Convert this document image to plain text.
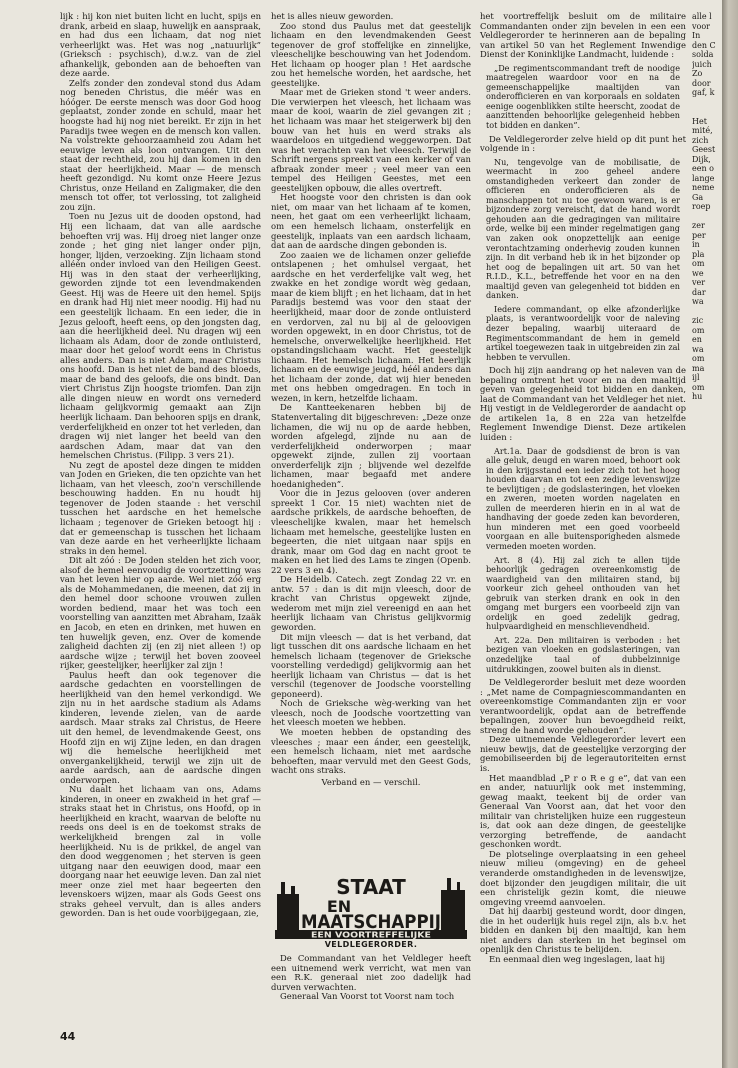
lijk : hij kon niet buiten licht en lucht, spijs en drank, arbeid en slaap, huwelijk en aanspraak, en had dus een lichaam, dat nog niet verheerlijkt was. Het was nog „natuurlijk” (Grieksch : psychisch), d.w.z. van de ziel afhankelijk, gebonden aan de behoeften van deze aarde.

Zelfs zonder den zondeval stond dus Adam nog beneden Christus, die méér was en hóóger. De eerste mensch was door God hoog geplaatst, zonder zonde en schuld, maar het hoogste had hij nog niet bereikt. Er zijn in het Paradijs twee wegen en de mensch kon vallen. Na volstrekte gehoorzaamheid zou Adam het eeuwige leven als loon ontvangen. Uit den staat der rechtheid, zou hij dan komen in den staat der heerlijkheid. Maar — de mensch heeft gezondigd. Nu komt onze Heere Jezus Christus, onze Heiland en Zaligmaker, die den mensch tot offer, tot verlossing, tot zaligheid zou zijn.

Toen nu Jezus uit de dooden opstond, had Hij een lichaam, dat van alle aardsche behoeften vrij was. Hij droeg niet langer onze zonde ; het ging niet langer onder pijn, honger, lijden, verzoeking. Zijn lichaam stond alléén onder invloed van den Heiligen Geest. Hij was in den staat der verheerlijking, geworden zijnde tot een levendmakenden Geest. Hij was de Heere uit den hemel. Spijs en drank had Hij niet meer noodig. Hij had nu een geestelijk lichaam. En een ieder, die in Jezus gelooft, heeft eens, op den jongsten dag, aan die heerlijkheid deel. Nu dragen wij een lichaam als Adam, door de zonde ontluisterd, maar door het geloof wordt eens in Christus alles anders. Dan is niet Adam, maar Christus ons hoofd. Dan is het niet de band des bloeds, maar de band des geloofs, die ons bindt. Dan viert Christus Zijn hoogste triomfen. Dan zijn alle dingen nieuw en wordt ons vernederd lichaam gelijkvormig gemaakt aan Zijn heerlijk lichaam. Dan behooren spijs en drank, verderfelijkheid en onzer tot het verleden, dan dragen wij niet langer het beeld van den aardschen Adam, maar dat van den hemelschen Christus. (Filipp. 3 vers 21).

Nu zegt de apostel deze dingen te midden van Joden en Grieken, die ten opzichte van het lichaam, van het vleesch, zoo'n verschillende beschouwing hadden. En nu houdt hij tegenover de Joden staande : het verschil tusschen het aardsche en het hemelsche lichaam ; tegenover de Grieken betoogt hij : dat er gemeenschap is tusschen het lichaam van deze aarde en het verheerlijkte lichaam straks in den hemel.

Dit alt zóó : De Joden stelden het zich voor, alsof de hemel eenvoudig de voortzetting was van het leven hier op aarde. Wel niet zóó erg als de Mohammedanen, die meenen, dat zij in den hemel door schoone vrouwen zullen worden bediend, maar het was toch een voorstelling van aanzitten met Abraham, Izaäk en Jacob, en eten en drinken, met huwen en ten huwelijk geven, enz. Over de komende zaligheid dachten zij (en zij niet alleen !) op aardsche wijze ; terwijl het boven zooveel rijker, geestelijker, heerlijker zal zijn !

Paulus heeft dan ook tegenover die aardsche gedachten en voorstellingen de heerlijkheid van den hemel verkondigd. We zijn nu in het aardsche stadium als Adams kinderen, levende zielen, van de aarde aardsch. Maar straks zal Christus, de Heere uit den hemel, de levendmakende Geest, ons Hoofd zijn en wij Zijne leden, en dan dragen wij die hemelsche heerlijkheid met onvergankelijkheid, terwijl we zijn uit de aarde aardsch, aan de aardsche dingen onderworpen.

Nu daalt het lichaam van ons, Adams kinderen, in oneer en zwakheid in het graf — straks staat het in Christus, ons Hoofd, op in heerlijkheid en kracht, waarvan de belofte nu reeds ons deel is en de toekomst straks de werkelijkheid brengen zal in volle heerlijkheid. Nu is de prikkel, de angel van den dood weggenomen ; het sterven is geen uitgang naar den eeuwigen dood, maar een doorgang naar het eeuwige leven. Dan zal niet meer onze ziel met haar begeerten den levenskoers wijzen, maar als Gods Geest ons straks geheel vervult, dan is alles anders geworden. Dan is het oude voorbijgegaan, zie,

het is alles nieuw geworden.

Zoo stond dus Paulus met dat geestelijk lichaam en den levendmakenden Geest tegenover de grof stoffelijke en zinnelijke, vleeschelijke beschouwing van het Jodendom. Het lichaam op hooger plan ! Het aardsche zou het hemelsche worden, het aardsche, het geestelijke.

Maar met de Grieken stond 't weer anders. Die verwierpen het vleesch, het lichaam was maar de kooi, waarin de ziel gevangen zit ; het lichaam was maar het steigerwerk bij den bouw van het huis en werd straks als waardeloos en uitgediend weggeworpen. Dat was het verachten van het vleesch. Terwijl de Schrift nergens spreekt van een kerker of van afbraak zonder meer ; veel meer van een tempel des Heiligen Geestes, met een geestelijken opbouw, die alles overtreft.

Het hoogste voor den christen is dan ook niet, om maar van het lichaam af te komen, neen, het gaat om een verheerlijkt lichaam, om een hemelsch lichaam, onsterfelijk en geestelijk, inplaats van een aardsch lichaam, dat aan de aardsche dingen gebonden is.

Zoo zaaien we de lichamen onzer geliefde ontslapenen ; het omhulsel vergaat, het aardsche en het verderfelijke valt weg, het zwakke en het zondige wordt wèg gedaan, maar de kiem blijft ; en het lichaam, dat in het Paradijs bestemd was voor den staat der heerlijkheid, maar door de zonde ontluisterd en verdorven, zal nu bij al de geloovigen worden opgewekt, in en door Christus, tot de hemelsche, onverwelkelijke heerlijkheid. Het opstandingslichaam wacht. Het geestelijk lichaam. Het hemelsch lichaam. Het heerlijk lichaam en de eeuwige jeugd, héél anders dan het lichaam der zonde, dat wij hier beneden met ons hebben omgedragen. En toch in wezen, in kern, hetzelfde lichaam.

De Kantteekenaren hebben bij de Statenvertaling dit bijgeschreven: „Deze onze lichamen, die wij nu op de aarde hebben, worden afgelegd, zijnde nu aan de verderfelijkheid onderworpen ; maar opgewekt zijnde, zullen zij voortaan onverderfelijk zijn ; blijvende wel dezelfde lichamen, maar begaafd met andere hoedanigheden”.

Voor die in Jezus gelooven (over anderen spreekt 1 Cor. 15 niet) wachten niet de aardsche prikkels, de aardsche behoeften, de vleeschelijke kwalen, maar het hemelsch lichaam met hemelsche, geestelijke lusten en begeerten, die niet uitgaan naar spijs en drank, maar om God dag en nacht groot te maken en het lied des Lams te zingen (Openb. 22 vers 3 en 4).

De Heidelb. Catech. zegt Zondag 22 vr. en antw. 57 : dan is dit mijn vleesch, door de kracht van Christus opgewekt zijnde, wederom met mijn ziel vereenigd en aan het heerlijk lichaam van Christus gelijkvormig geworden.

Dit mijn vleesch — dat is het verband, dat ligt tusschen dit ons aardsche lichaam en het hemelsch lichaam (tegenover de Grieksche voorstelling verdedigd) gelijkvormig aan het heerlijk lichaam van Christus — dat is het verschil (tegenover de Joodsche voorstelling geponeerd).

Noch de Grieksche wèg-werking van het vleesch, noch de Joodsche voortzetting van het vleesch moeten we hebben.

We moeten hebben de opstanding des vleesches ; maar een ánder, een geestelijk, een hemelsch lichaam, niet met aardsche behoeften, maar vervuld met den Geest Gods, wacht ons straks.

Verband en — verschil.

STAAT
EN
MAATSCHAPPIJ
EEN VOORTREFFELIJKE
VELDLEGERORDER.

De Commandant van het Veldleger heeft een uitnemend werk verricht, wat men van een R.K. generaal niet zoo dadelijk had durven verwachten.

Generaal Van Voorst tot Voorst nam toch

het voortreffelijk besluit om de militaire Commandanten onder zijn bevelen in een een Veldlegerorder te herinneren aan de bepaling van artikel 50 van het Reglement Inwendige Dienst der Koninklijke Landmacht, luidende :

„De regimentscommandant treft de noodige maatregelen waardoor voor en na de gemeenschappelijke maaltijden van onderofficieren en van korporaals en soldaten eenige oogenblikken stilte heerscht, zoodat de aanzittenden behoorlijke gelegenheid hebben tot bidden en danken”.

De Veldlegerorder zelve hield op dit punt het volgende in :

Nu, tengevolge van de mobilisatie, de weermacht in zoo geheel andere omstandigheden verkeert dan zonder de officieren en onderofficieren als de manschappen tot nu toe gewoon waren, is er bijzondere zorg vereischt, dat de hand wordt gehouden aan die gedragingen van militaire orde, welke bij een minder regelmatigen gang van zaken ook onopzettelijk aan eenige verontachtzaming onderhevig zouden kunnen zijn. In dit verband heb ik in het bijzonder op het oog de bepalingen uit art. 50 van het R.I.D., K.L., betreffende het voor en na den maaltijd geven van gelegenheid tot bidden en danken.

Iedere commandant, op elke afzonderlijke plaats, is verantwoordelijk voor de naleving dezer bepaling, waarbij uiteraard de Regimentscommandant de hem in gemeld artikel toegewezen taak in uitgebreiden zin zal hebben te vervullen.

Doch hij zijn aandrang op het naleven van de bepaling omtrent het voor en na den maaltijd geven van gelegenheid tot bidden en danken, laat de Commandant van het Veldleger het niet. Hij vestigt in de Veldlegerorder de aandacht op de artikelen 1a, 8 en 22a van hetzelfde Reglement Inwendige Dienst. Deze artikelen luiden :

Art.1a. Daar de godsdienst de bron is van alle geluk, deugd en waren moed, behoort ook in den krijgsstand een ieder zich tot het hoog houden daarvan en tot een zedige levenswijze te bevlijtigen ; de godslasteringen, het vloeken en zweren, moeten worden nagelaten en zullen de meerderen hierin en in al wat de handhaving der goede zeden kan bevorderen, hun minderen met een goed voorbeeld voorgaan en alle buitensporigheden alsmede vermeden moeten worden.

Art. 8 (4). Hij zal zich te allen tijde behoorlijk gedragen overeenkomstig de waardigheid van den militairen stand, bij voorkeur zich geheel onthouden van het gebruik van sterken drank en ook in den omgang met burgers een voorbeeld zijn van ordelijk en goed zedelijk gedrag, hulpvaardigheid en menschlievendheid.

Art. 22a. Den militairen is verboden : het bezigen van vloeken en godslasteringen, van onzedelijke taal of dubbelzinnige uitdrukkingen, zoowel buiten als in dienst.

De Veldlegerorder besluit met deze woorden : „Met name de Compagniescommandanten en overeenkomstige Commandanten zijn er voor verantwoordelijk, opdat aan de betreffende bepalingen, zoover hun bevoegdheid reikt, streng de hand worde gehouden”.

Deze uitnemende Veldlegerorder levert een nieuw bewijs, dat de geestelijke verzorging der gemobiliseerden bij de legerautoriteiten ernst is.

Het maandblad „P r o R e g e”, dat van een en ander, natuurlijk ook met instemming, gewag maakt, teekent bij de order van Generaal Van Voorst aan, dat het voor den militair van christelijken huize een ruggesteun is, dat ook aan deze dingen, de geestelijke verzorging betreffende, de aandacht geschonken wordt.

De plotselinge overplaatsing in een geheel nieuw milieu (omgeving) en de geheel veranderde omstandigheden in de levenswijze, doet bijzonder den jeugdigen militair, die uit een christelijk gezin komt, die nieuwe omgeving vreemd aanvoelen.

Dat hij daarbij gesteund wordt, door dingen, die in het ouderlijk huis regel zijn, als b.v. het bidden en danken bij den maaltijd, kan hem niet anders dan sterken in het beginsel om openlijk den Christus te belijden.

En eenmaal dien weg ingeslagen, laat hij

alle l
voor
In
den C
solda
juich
Zo
door
gaf, k
Het
mité,
zich
Geest
Dijk,
een o
lange
neme
Ga
roep
zer
per
in
pla
om
we
ver
dar
wa
zic
om
en
wa
om
ma
ijl
om
hu
44
